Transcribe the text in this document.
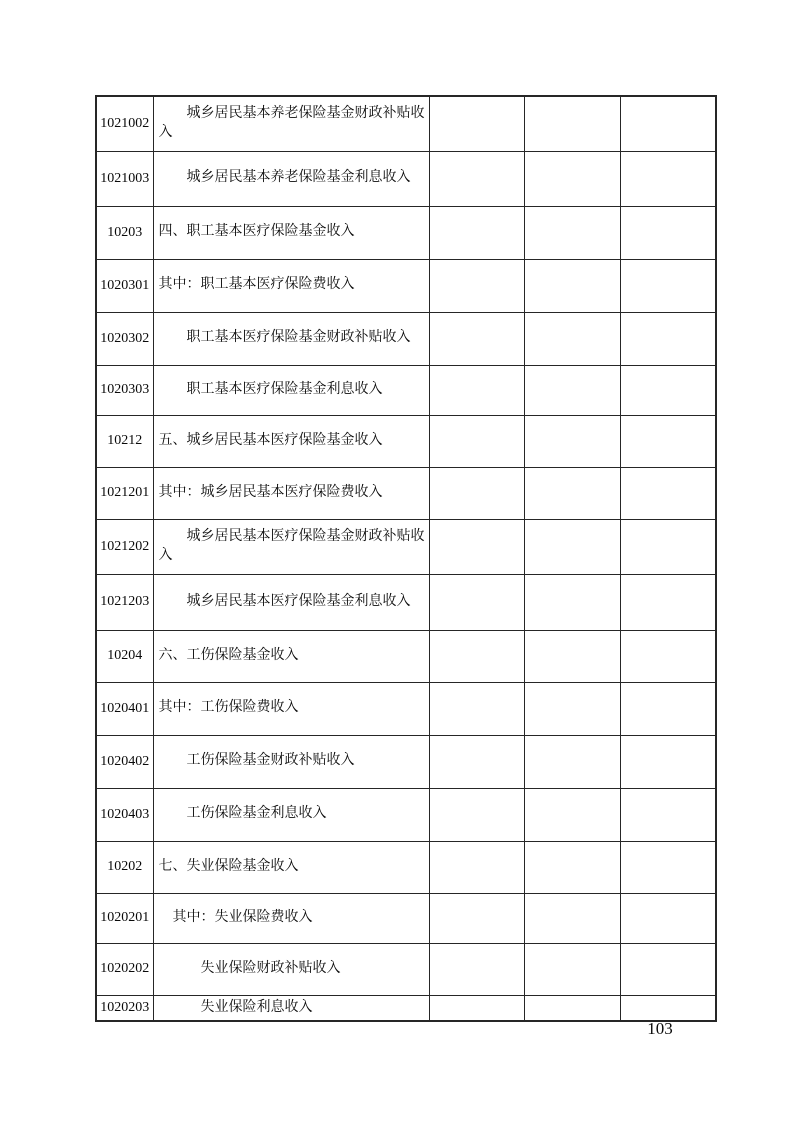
1021002	　　城乡居民基本养老保险基金财政补贴收入			
1021003	　　城乡居民基本养老保险基金利息收入			
10203	四、职工基本医疗保险基金收入			
1020301	其中：职工基本医疗保险费收入			
1020302	　　职工基本医疗保险基金财政补贴收入			
1020303	　　职工基本医疗保险基金利息收入			
10212	五、城乡居民基本医疗保险基金收入			
1021201	其中：城乡居民基本医疗保险费收入			
1021202	　　城乡居民基本医疗保险基金财政补贴收入			
1021203	　　城乡居民基本医疗保险基金利息收入			
10204	六、工伤保险基金收入			
1020401	其中：工伤保险费收入			
1020402	　　工伤保险基金财政补贴收入			
1020403	　　工伤保险基金利息收入			
10202	七、失业保险基金收入			
1020201	　其中：失业保险费收入			
1020202	　　　失业保险财政补贴收入			
1020203	　　　失业保险利息收入			
103
